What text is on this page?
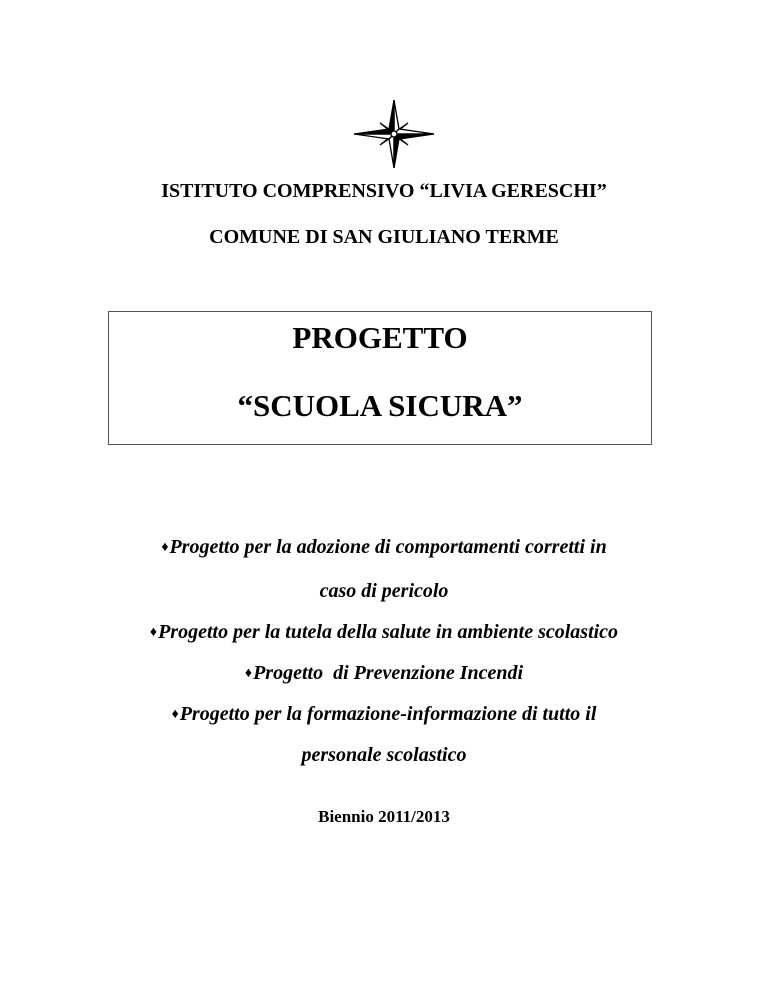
ISTITUTO COMPRENSIVO “LIVIA GERESCHI”
COMUNE DI SAN GIULIANO TERME
PROGETTO
“SCUOLA SICURA”
♦Progetto per la adozione di comportamenti corretti in
caso di pericolo
♦Progetto per la tutela della salute in ambiente scolastico
♦Progetto  di Prevenzione Incendi
♦Progetto per la formazione-informazione di tutto il
personale scolastico
Biennio 2011/2013
